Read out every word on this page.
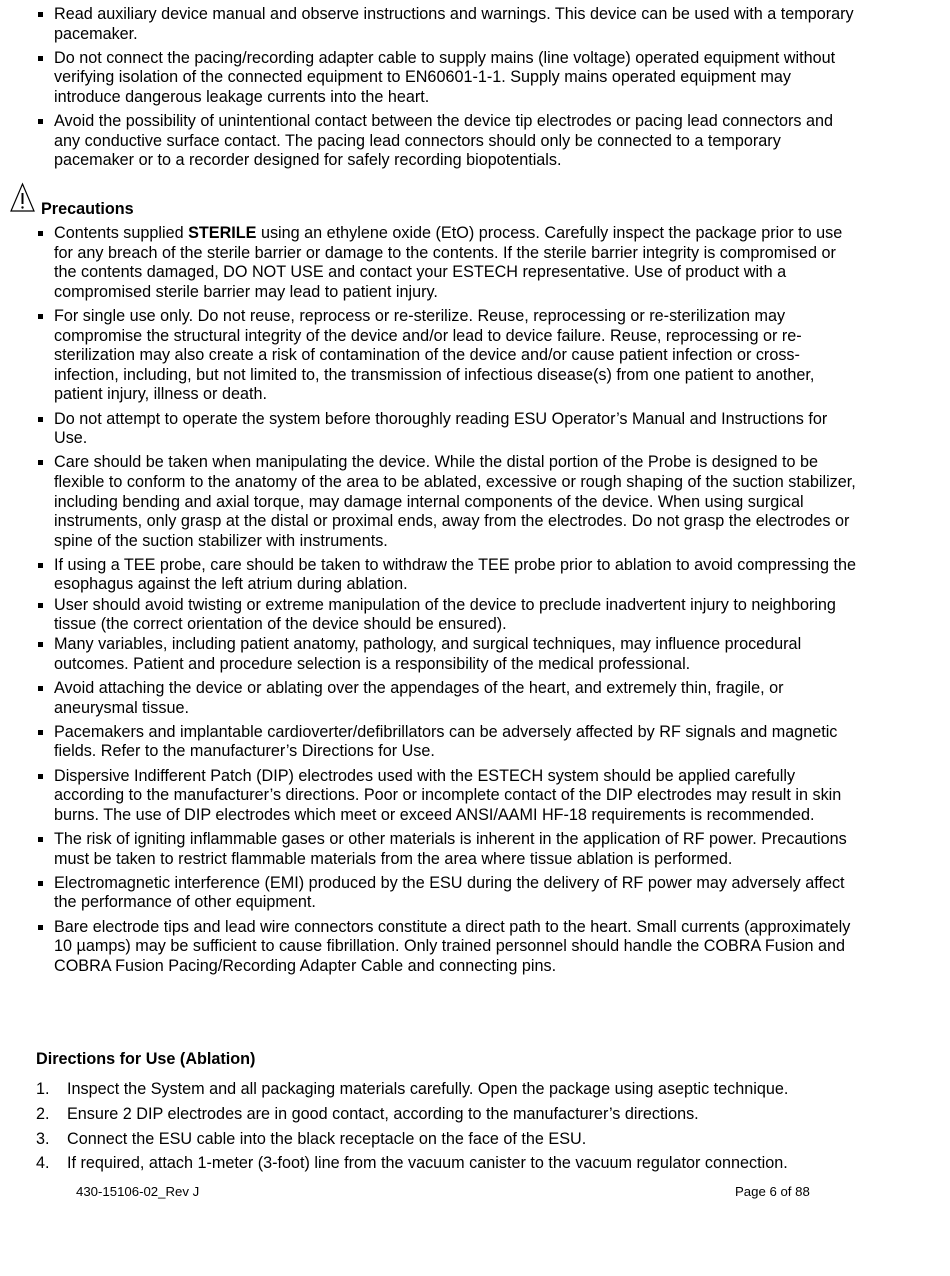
Read auxiliary device manual and observe instructions and warnings. This device can be used with a temporary pacemaker.
Do not connect the pacing/recording adapter cable to supply mains (line voltage) operated equipment without verifying isolation of the connected equipment to EN60601-1-1. Supply mains operated equipment may introduce dangerous leakage currents into the heart.
Avoid the possibility of unintentional contact between the device tip electrodes or pacing lead connectors and any conductive surface contact. The pacing lead connectors should only be connected to a temporary pacemaker or to a recorder designed for safely recording biopotentials.
Precautions
Contents supplied STERILE using an ethylene oxide (EtO) process. Carefully inspect the package prior to use for any breach of the sterile barrier or damage to the contents. If the sterile barrier integrity is compromised or the contents damaged, DO NOT USE and contact your ESTECH representative. Use of product with a compromised sterile barrier may lead to patient injury.
For single use only. Do not reuse, reprocess or re-sterilize. Reuse, reprocessing or re-sterilization may compromise the structural integrity of the device and/or lead to device failure. Reuse, reprocessing or re-sterilization may also create a risk of contamination of the device and/or cause patient infection or cross-infection, including, but not limited to, the transmission of infectious disease(s) from one patient to another, patient injury, illness or death.
Do not attempt to operate the system before thoroughly reading ESU Operator’s Manual and Instructions for Use.
Care should be taken when manipulating the device. While the distal portion of the Probe is designed to be flexible to conform to the anatomy of the area to be ablated, excessive or rough shaping of the suction stabilizer, including bending and axial torque, may damage internal components of the device. When using surgical instruments, only grasp at the distal or proximal ends, away from the electrodes. Do not grasp the electrodes or spine of the suction stabilizer with instruments.
If using a TEE probe, care should be taken to withdraw the TEE probe prior to ablation to avoid compressing the esophagus against the left atrium during ablation.
User should avoid twisting or extreme manipulation of the device to preclude inadvertent injury to neighboring tissue (the correct orientation of the device should be ensured).
Many variables, including patient anatomy, pathology, and surgical techniques, may influence procedural outcomes. Patient and procedure selection is a responsibility of the medical professional.
Avoid attaching the device or ablating over the appendages of the heart, and extremely thin, fragile, or aneurysmal tissue.
Pacemakers and implantable cardioverter/defibrillators can be adversely affected by RF signals and magnetic fields. Refer to the manufacturer’s Directions for Use.
Dispersive Indifferent Patch (DIP) electrodes used with the ESTECH system should be applied carefully according to the manufacturer’s directions. Poor or incomplete contact of the DIP electrodes may result in skin burns. The use of DIP electrodes which meet or exceed ANSI/AAMI HF-18 requirements is recommended.
The risk of igniting inflammable gases or other materials is inherent in the application of RF power. Precautions must be taken to restrict flammable materials from the area where tissue ablation is performed.
Electromagnetic interference (EMI) produced by the ESU during the delivery of RF power may adversely affect the performance of other equipment.
Bare electrode tips and lead wire connectors constitute a direct path to the heart. Small currents (approximately 10 µamps) may be sufficient to cause fibrillation. Only trained personnel should handle the COBRA Fusion and COBRA Fusion Pacing/Recording Adapter Cable and connecting pins.
Directions for Use (Ablation)
1. Inspect the System and all packaging materials carefully. Open the package using aseptic technique.
2. Ensure 2 DIP electrodes are in good contact, according to the manufacturer’s directions.
3. Connect the ESU cable into the black receptacle on the face of the ESU.
4. If required, attach 1-meter (3-foot) line from the vacuum canister to the vacuum regulator connection.
430-15106-02_Rev J	Page 6 of 88
